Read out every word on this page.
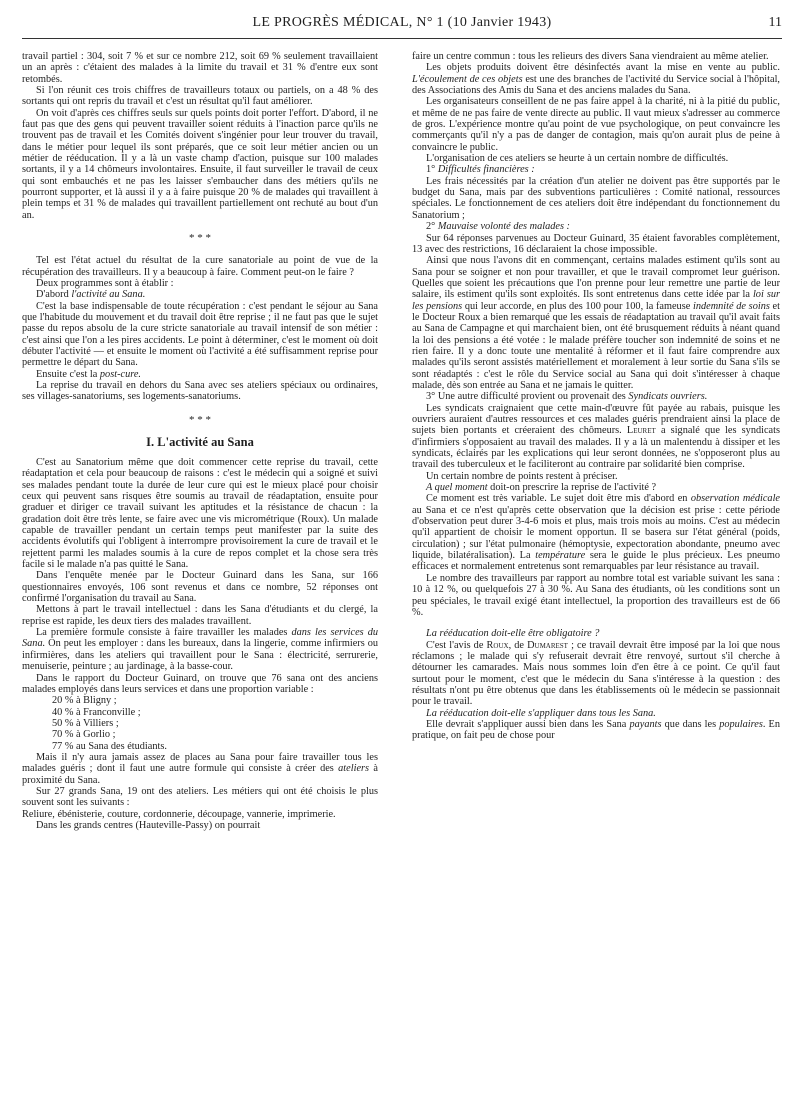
LE PROGRÈS MÉDICAL, N° 1 (10 Janvier 1943)	11

travail partiel : 304, soit 7 % et sur ce nombre 212, soit 69 % seulement travaillaient un an après : c'étaient des malades à la limite du travail et 31 % d'entre eux sont retombés.

Si l'on réunit ces trois chiffres de travailleurs totaux ou partiels, on a 48 % des sortants qui ont repris du travail et c'est un résultat qu'il faut améliorer.

On voit d'après ces chiffres seuls sur quels points doit porter l'effort. D'abord, il ne faut pas que des gens qui peuvent travailler soient réduits à l'inaction parce qu'ils ne trouvent pas de travail et les Comités doivent s'ingénier pour leur trouver du travail, dans le métier pour lequel ils sont préparés, que ce soit leur métier ancien ou un métier de rééducation. Il y a là un vaste champ d'action, puisque sur 100 malades sortants, il y a 14 chômeurs involontaires. Ensuite, il faut surveiller le travail de ceux qui sont embauchés et ne pas les laisser s'embaucher dans des métiers qu'ils ne pourront supporter, et là aussi il y a à faire puisque 20 % de malades qui travaillent à plein temps et 31 % de malades qui travaillent partiellement ont rechuté au bout d'un an.

* * *

Tel est l'état actuel du résultat de la cure sanatoriale au point de vue de la récupération des travailleurs. Il y a beaucoup à faire. Comment peut-on le faire ?

Deux programmes sont à établir :

D'abord l'activité au Sana.

C'est la base indispensable de toute récupération : c'est pendant le séjour au Sana que l'habitude du mouvement et du travail doit être reprise ; il ne faut pas que le sujet passe du repos absolu de la cure stricte sanatoriale au travail intensif de son métier : c'est ainsi que l'on a les pires accidents. Le point à déterminer, c'est le moment où doit débuter l'activité — et ensuite le moment où l'activité a été suffisamment reprise pour permettre le départ du Sana.

Ensuite c'est la post-cure.

La reprise du travail en dehors du Sana avec ses ateliers spéciaux ou ordinaires, ses villages-sanatoriums, ses logements-sanatoriums.

* * *
I. L'activité au Sana

C'est au Sanatorium même que doit commencer cette reprise du travail, cette réadaptation et cela pour beaucoup de raisons : c'est le médecin qui a soigné et suivi ses malades pendant toute la durée de leur cure qui est le mieux placé pour choisir ceux qui peuvent sans risques être soumis au travail de réadaptation, ensuite pour graduer et diriger ce travail suivant les aptitudes et la résistance de chacun : la gradation doit être très lente, se faire avec une vis micrométrique (Roux). Un malade capable de travailler pendant un certain temps peut manifester par la suite des accidents évolutifs qui l'obligent à interrompre provisoirement la cure de travail et le rejettent parmi les malades soumis à la cure de repos complet et la chose sera très facile si le malade n'a pas quitté le Sana.

Dans l'enquête menée par le Docteur Guinard dans les Sana, sur 166 questionnaires envoyés, 106 sont revenus et dans ce nombre, 52 réponses ont confirmé l'organisation du travail au Sana.

Mettons à part le travail intellectuel : dans les Sana d'étudiants et du clergé, la reprise est rapide, les deux tiers des malades travaillent.

La première formule consiste à faire travailler les malades dans les services du Sana. On peut les employer : dans les bureaux, dans la lingerie, comme infirmiers ou infirmières, dans les ateliers qui travaillent pour le Sana : électricité, serrurerie, menuiserie, peinture ; au jardinage, à la basse-cour.

Dans le rapport du Docteur Guinard, on trouve que 76 sana ont des anciens malades employés dans leurs services et dans une proportion variable :

20 % à Bligny ;

40 % à Franconville ;

50 % à Villiers ;

70 % à Gorlio ;

77 % au Sana des étudiants.

Mais il n'y aura jamais assez de places au Sana pour faire travailler tous les malades guéris ; dont il faut une autre formule qui consiste à créer des ateliers à proximité du Sana.

Sur 27 grands Sana, 19 ont des ateliers. Les métiers qui ont été choisis le plus souvent sont les suivants :

Reliure, ébénisterie, couture, cordonnerie, découpage, vannerie, imprimerie.

Dans les grands centres (Hauteville-Passy) on pourrait

faire un centre commun : tous les relieurs des divers Sana viendraient au même atelier.

Les objets produits doivent être désinfectés avant la mise en vente au public. L'écoulement de ces objets est une des branches de l'activité du Service social à l'hôpital, des Associations des Amis du Sana et des anciens malades du Sana.

Les organisateurs conseillent de ne pas faire appel à la charité, ni à la pitié du public, et même de ne pas faire de vente directe au public. Il vaut mieux s'adresser au commerce de gros. L'expérience montre qu'au point de vue psychologique, on peut convaincre les commerçants qu'il n'y a pas de danger de contagion, mais qu'on aurait plus de peine à convaincre le public.

L'organisation de ces ateliers se heurte à un certain nombre de difficultés.

1° Difficultés financières :

Les frais nécessités par la création d'un atelier ne doivent pas être supportés par le budget du Sana, mais par des subventions particulières : Comité national, ressources spéciales. Le fonctionnement de ces ateliers doit être indépendant du fonctionnement du Sanatorium ;

2° Mauvaise volonté des malades :

Sur 64 réponses parvenues au Docteur Guinard, 35 étaient favorables complètement, 13 avec des restrictions, 16 déclaraient la chose impossible.

Ainsi que nous l'avons dit en commençant, certains malades estiment qu'ils sont au Sana pour se soigner et non pour travailler, et que le travail compromet leur guérison. Quelles que soient les précautions que l'on prenne pour leur remettre une partie de leur salaire, ils estiment qu'ils sont exploités. Ils sont entretenus dans cette idée par la loi sur les pensions qui leur accorde, en plus des 100 pour 100, la fameuse indemnité de soins et le Docteur Roux a bien remarqué que les essais de réadaptation au travail qu'il avait faits au Sana de Campagne et qui marchaient bien, ont été brusquement réduits à néant quand la loi des pensions a été votée : le malade préfère toucher son indemnité de soins et ne rien faire. Il y a donc toute une mentalité à réformer et il faut faire comprendre aux malades qu'ils seront assistés matériellement et moralement à leur sortie du Sana s'ils se sont réadaptés : c'est le rôle du Service social au Sana qui doit s'intéresser à chaque malade, dès son entrée au Sana et ne jamais le quitter.

3° Une autre difficulté provient ou provenait des Syndicats ouvriers.

Les syndicats craignaient que cette main-d'œuvre fût payée au rabais, puisque les ouvriers auraient d'autres ressources et ces malades guéris prendraient ainsi la place de sujets bien portants et créeraient des chômeurs. Leuret a signalé que les syndicats d'infirmiers s'opposaient au travail des malades. Il y a là un malentendu à dissiper et les syndicats, éclairés par les explications qui leur seront données, ne s'opposeront plus au travail des tuberculeux et le faciliteront au contraire par solidarité bien comprise.

Un certain nombre de points restent à préciser.

A quel moment doit-on prescrire la reprise de l'activité ?

Ce moment est très variable. Le sujet doit être mis d'abord en observation médicale au Sana et ce n'est qu'après cette observation que la décision est prise : cette période d'observation peut durer 3-4-6 mois et plus, mais trois mois au moins. C'est au médecin qu'il appartient de choisir le moment opportun. Il se basera sur l'état général (poids, circulation) ; sur l'état pulmonaire (hémoptysie, expectoration abondante, pneumo avec liquide, bilatéralisation). La température sera le guide le plus précieux. Les pneumo efficaces et normalement entretenus sont remarquables par leur résistance au travail.

Le nombre des travailleurs par rapport au nombre total est variable suivant les sana : 10 à 12 %, ou quelquefois 27 à 30 %. Au Sana des étudiants, où les conditions sont un peu spéciales, le travail exigé étant intellectuel, la proportion des travailleurs est de 66 %.

La rééducation doit-elle être obligatoire ?

C'est l'avis de Roux, de Dumarest ; ce travail devrait être imposé par la loi que nous réclamons ; le malade qui s'y refuserait devrait être renvoyé, surtout s'il cherche à détourner les camarades. Mais nous sommes loin d'en être à ce point. Ce qu'il faut surtout pour le moment, c'est que le médecin du Sana s'intéresse à la question : des résultats n'ont pu être obtenus que dans les établissements où le médecin se passionnait pour le travail.

La rééducation doit-elle s'appliquer dans tous les Sana.

Elle devrait s'appliquer aussi bien dans les Sana payants que dans les populaires. En pratique, on fait peu de chose pour
